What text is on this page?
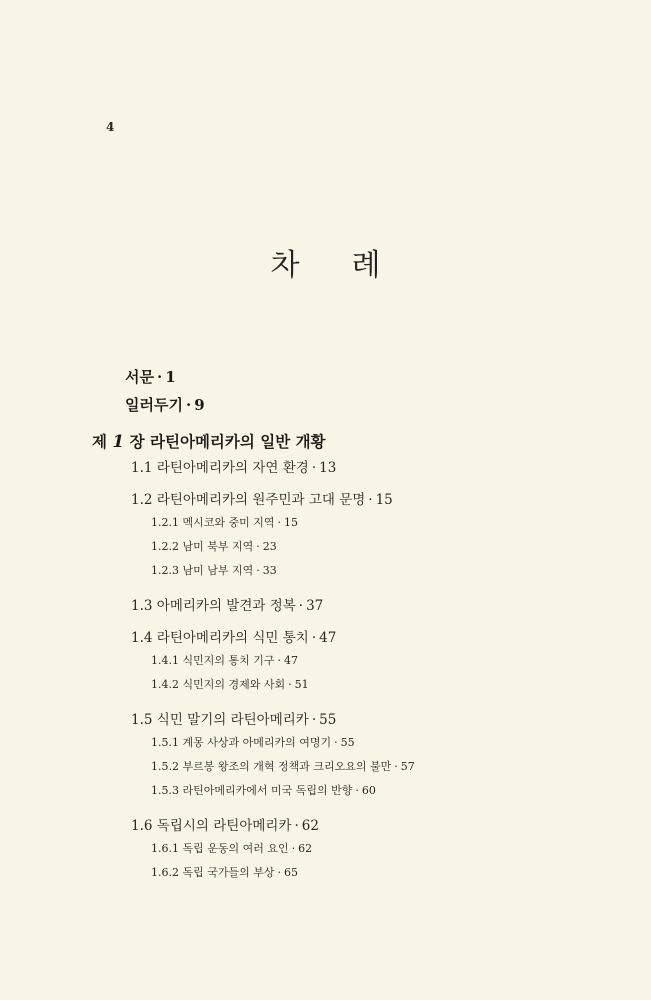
4
차례
서문 · 1
일러두기 · 9
제 1 장 라틴아메리카의 일반 개황
1.1 라틴아메리카의 자연 환경 · 13
1.2 라틴아메리카의 원주민과 고대 문명 · 15
1.2.1 멕시코와 중미 지역 · 15
1.2.2 남미 북부 지역 · 23
1.2.3 남미 남부 지역 · 33
1.3 아메리카의 발견과 정복 · 37
1.4 라틴아메리카의 식민 통치 · 47
1.4.1 식민지의 통치 기구 · 47
1.4.2 식민지의 경제와 사회 · 51
1.5 식민 말기의 라틴아메리카 · 55
1.5.1 계몽 사상과 아메리카의 여명기 · 55
1.5.2 부르봉 왕조의 개혁 정책과 크리오요의 불만 · 57
1.5.3 라틴아메리카에서 미국 독립의 반향 · 60
1.6 독립시의 라틴아메리카 · 62
1.6.1 독립 운동의 여러 요인 · 62
1.6.2 독립 국가들의 부상 · 65
